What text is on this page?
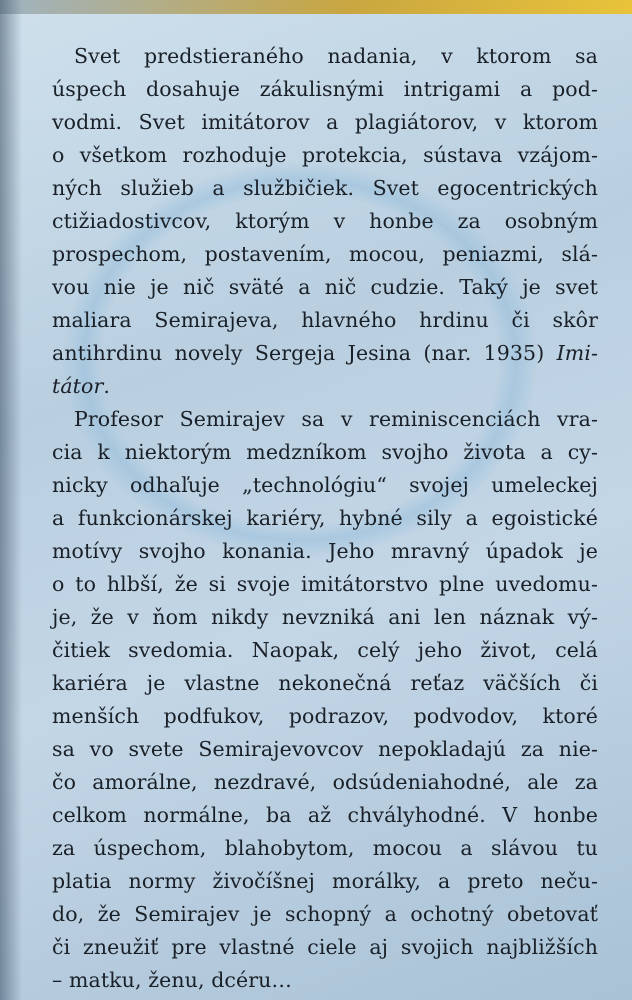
Svet predstieraného nadania, v ktorom sa
úspech dosahuje zákulisnými intrigami a pod-
vodmi. Svet imitátorov a plagiátorov, v ktorom
o všetkom rozhoduje protekcia, sústava vzájom-
ných služieb a službičiek. Svet egocentrických
ctižiadostivcov, ktorým v honbe za osobným
prospechom, postavením, mocou, peniazmi, slá-
vou nie je nič sväté a nič cudzie. Taký je svet
maliara Semirajeva, hlavného hrdinu či skôr
antihrdinu novely Sergeja Jesina (nar. 1935) Imi-
tátor.
Profesor Semirajev sa v reminiscenciách vra-
cia k niektorým medzníkom svojho života a cy-
nicky odhaľuje „technológiu“ svojej umeleckej
a funkcionárskej kariéry, hybné sily a egoistické
motívy svojho konania. Jeho mravný úpadok je
o to hlbší, že si svoje imitátorstvo plne uvedomu-
je, že v ňom nikdy nevzniká ani len náznak vý-
čitiek svedomia. Naopak, celý jeho život, celá
kariéra je vlastne nekonečná reťaz väčších či
menších podfukov, podrazov, podvodov, ktoré
sa vo svete Semirajevovcov nepokladajú za nie-
čo amorálne, nezdravé, odsúdeniahodné, ale za
celkom normálne, ba až chvályhodné. V honbe
za úspechom, blahobytom, mocou a slávou tu
platia normy živočíšnej morálky, a preto neču-
do, že Semirajev je schopný a ochotný obetovať
či zneužiť pre vlastné ciele aj svojich najbližších
– matku, ženu, dcéru…
